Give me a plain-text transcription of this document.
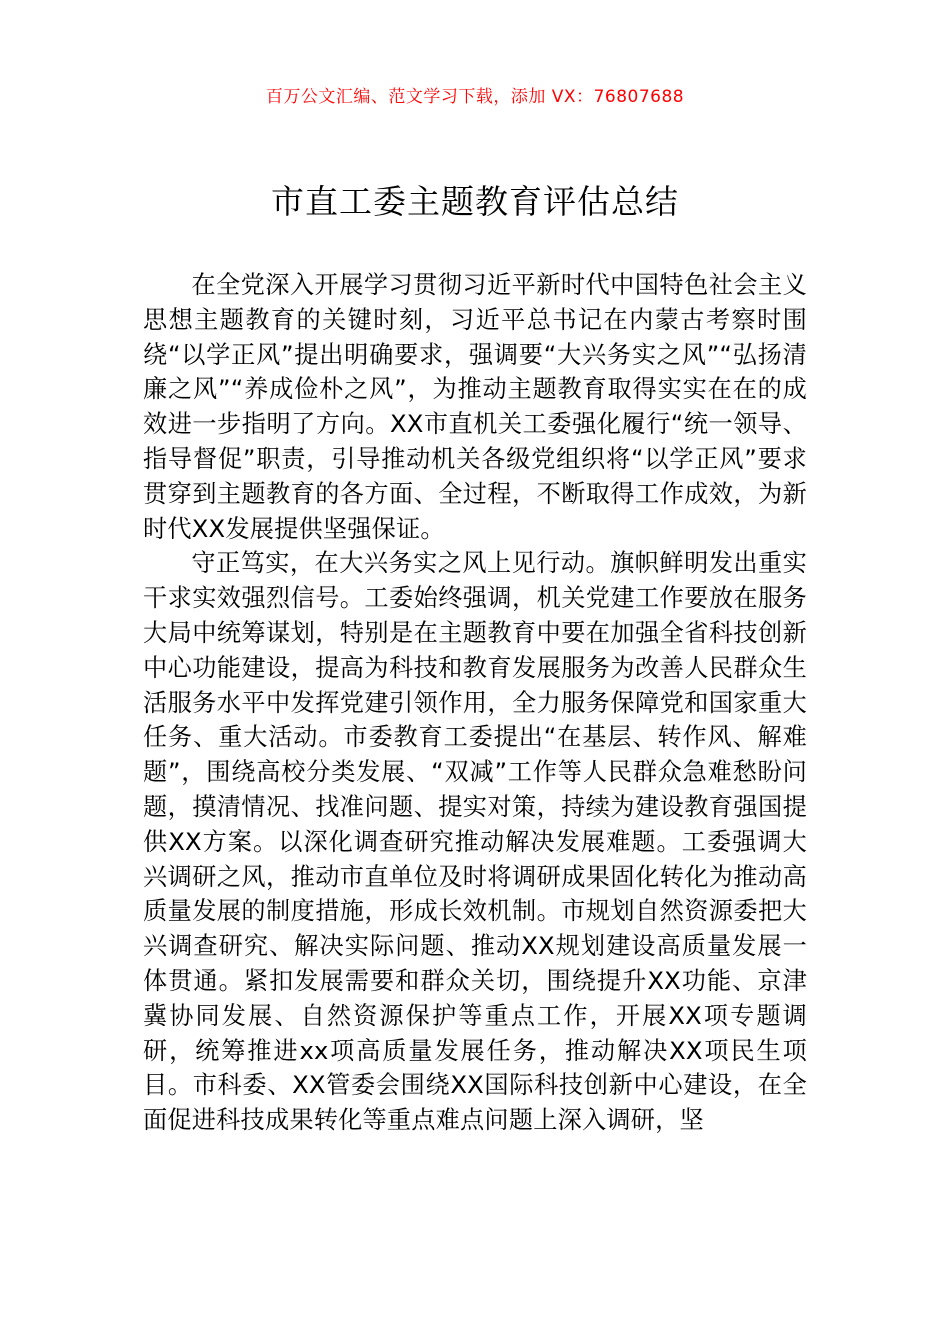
百万公文汇编、范文学习下载，添加 VX：76807688
市直工委主题教育评估总结

在全党深入开展学习贯彻习近平新时代中国特色社会主义思想主题教育的关键时刻，习近平总书记在内蒙古考察时围绕“以学正风”提出明确要求，强调要“大兴务实之风”“弘扬清廉之风”“养成俭朴之风”，为推动主题教育取得实实在在的成效进一步指明了方向。XX市直机关工委强化履行“统一领导、指导督促”职责，引导推动机关各级党组织将“以学正风”要求贯穿到主题教育的各方面、全过程，不断取得工作成效，为新时代XX发展提供坚强保证。

守正笃实，在大兴务实之风上见行动。旗帜鲜明发出重实干求实效强烈信号。工委始终强调，机关党建工作要放在服务大局中统筹谋划，特别是在主题教育中要在加强全省科技创新中心功能建设，提高为科技和教育发展服务为改善人民群众生活服务水平中发挥党建引领作用，全力服务保障党和国家重大任务、重大活动。市委教育工委提出“在基层、转作风、解难题”，围绕高校分类发展、“双减”工作等人民群众急难愁盼问题，摸清情况、找准问题、提实对策，持续为建设教育强国提供XX方案。以深化调查研究推动解决发展难题。工委强调大兴调研之风，推动市直单位及时将调研成果固化转化为推动高质量发展的制度措施，形成长效机制。市规划自然资源委把大兴调查研究、解决实际问题、推动XX规划建设高质量发展一体贯通。紧扣发展需要和群众关切，围绕提升XX功能、京津冀协同发展、自然资源保护等重点工作，开展XX项专题调研，统筹推进xx项高质量发展任务，推动解决XX项民生项目。市科委、XX管委会围绕XX国际科技创新中心建设，在全面促进科技成果转化等重点难点问题上深入调研，坚
